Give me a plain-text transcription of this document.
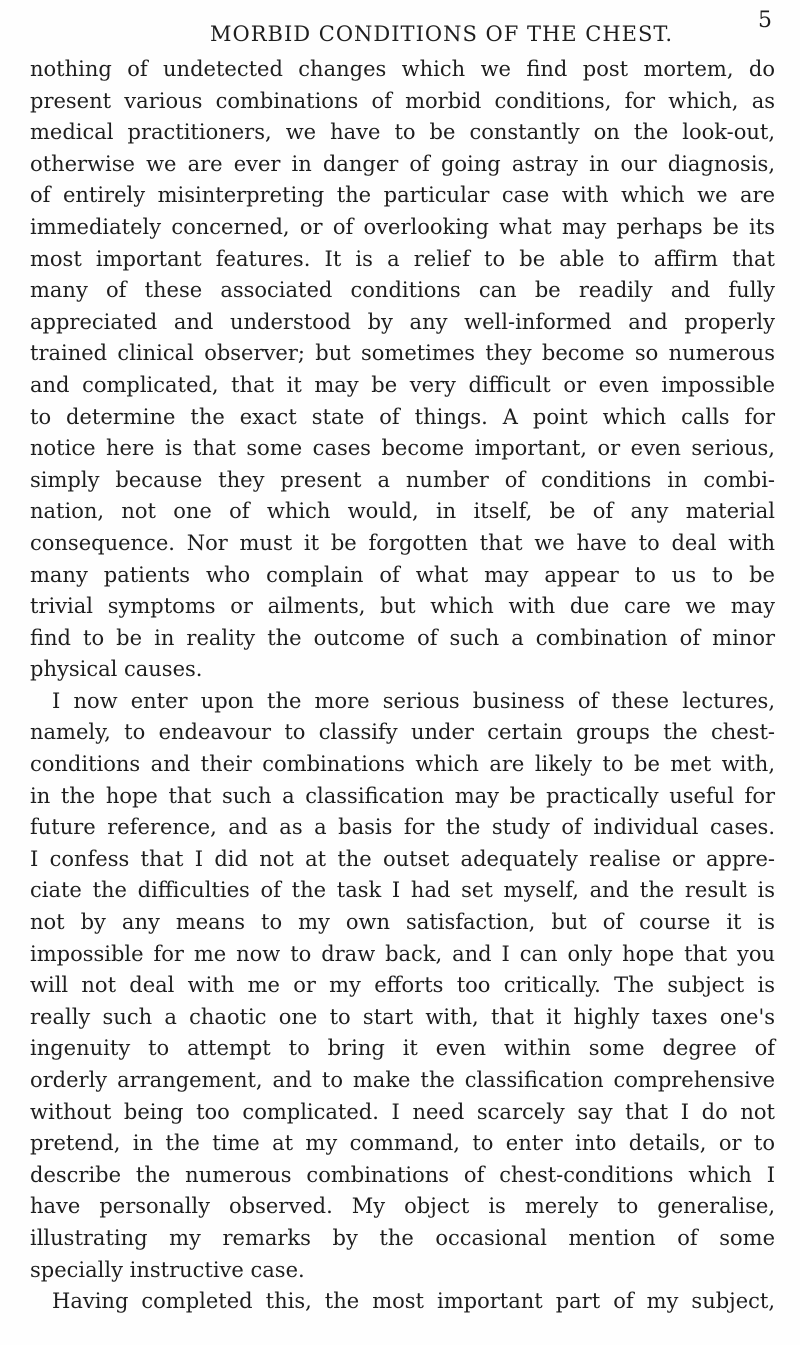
MORBID CONDITIONS OF THE CHEST.
5
nothing of undetected changes which we find post mortem, do
present various combinations of morbid conditions, for which, as
medical practitioners, we have to be constantly on the look-out,
otherwise we are ever in danger of going astray in our diagnosis,
of entirely misinterpreting the particular case with which we are
immediately concerned, or of overlooking what may perhaps be its
most important features. It is a relief to be able to affirm that
many of these associated conditions can be readily and fully
appreciated and understood by any well-informed and properly
trained clinical observer; but sometimes they become so numerous
and complicated, that it may be very difficult or even impossible
to determine the exact state of things. A point which calls for
notice here is that some cases become important, or even serious,
simply because they present a number of conditions in combi-
nation, not one of which would, in itself, be of any material
consequence. Nor must it be forgotten that we have to deal with
many patients who complain of what may appear to us to be
trivial symptoms or ailments, but which with due care we may
find to be in reality the outcome of such a combination of minor
physical causes.
I now enter upon the more serious business of these lectures,
namely, to endeavour to classify under certain groups the chest-
conditions and their combinations which are likely to be met with,
in the hope that such a classification may be practically useful for
future reference, and as a basis for the study of individual cases.
I confess that I did not at the outset adequately realise or appre-
ciate the difficulties of the task I had set myself, and the result is
not by any means to my own satisfaction, but of course it is
impossible for me now to draw back, and I can only hope that you
will not deal with me or my efforts too critically. The subject is
really such a chaotic one to start with, that it highly taxes one's
ingenuity to attempt to bring it even within some degree of
orderly arrangement, and to make the classification comprehensive
without being too complicated. I need scarcely say that I do not
pretend, in the time at my command, to enter into details, or to
describe the numerous combinations of chest-conditions which I
have personally observed. My object is merely to generalise,
illustrating my remarks by the occasional mention of some
specially instructive case.
Having completed this, the most important part of my subject,
